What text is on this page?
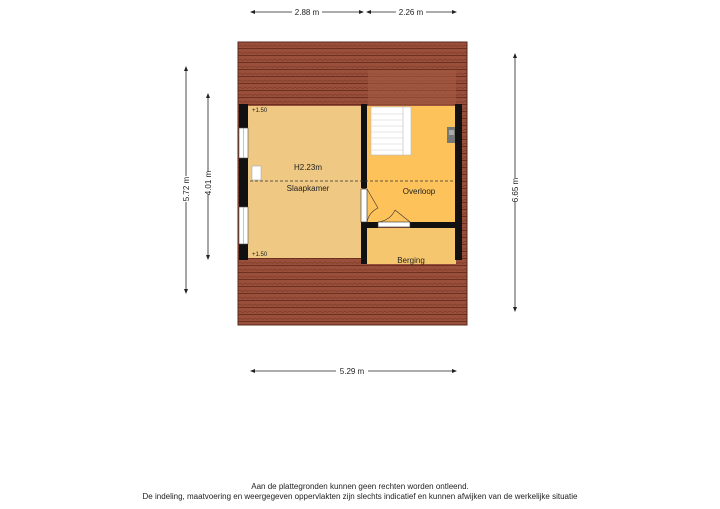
H2.23m
Slaapkamer	Overloop
Berging
+1.50
+1.50
2.88 m	2.26 m
5.72 m 4.01 m	6.65 m
5.29 m
Aan de plattegronden kunnen geen rechten worden ontleend.
De indeling, maatvoering en weergegeven oppervlakten zijn slechts indicatief en kunnen afwijken van de werkelijke situatie
